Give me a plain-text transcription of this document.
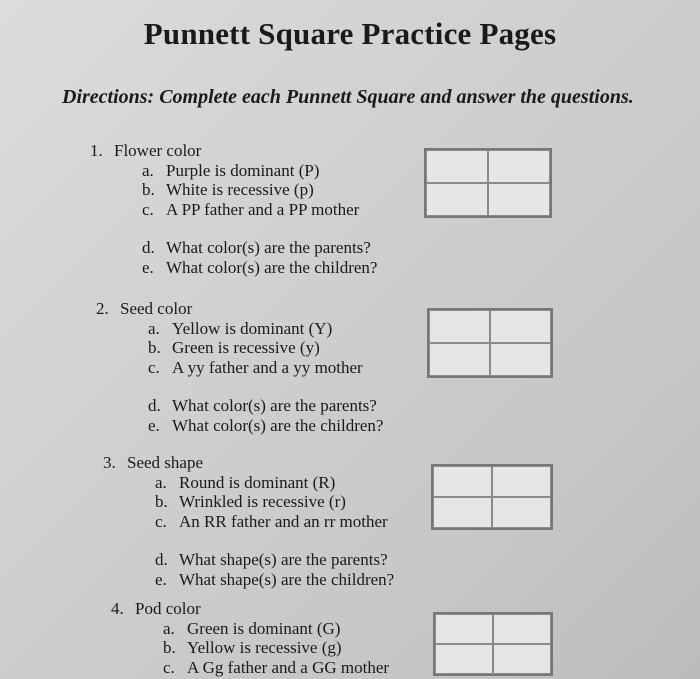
Punnett Square Practice Pages
Directions: Complete each Punnett Square and answer the questions.
1. Flower color
a. Purple is dominant (P)
b. White is recessive (p)
c. A PP father and a PP mother
d. What color(s) are the parents?
e. What color(s) are the children?
2. Seed color
a. Yellow is dominant (Y)
b. Green is recessive (y)
c. A yy father and a yy mother
d. What color(s) are the parents?
e. What color(s) are the children?
3. Seed shape
a. Round is dominant (R)
b. Wrinkled is recessive (r)
c. An RR father and an rr mother
d. What shape(s) are the parents?
e. What shape(s) are the children?
4. Pod color
a. Green is dominant (G)
b. Yellow is recessive (g)
c. A Gg father and a GG mother
